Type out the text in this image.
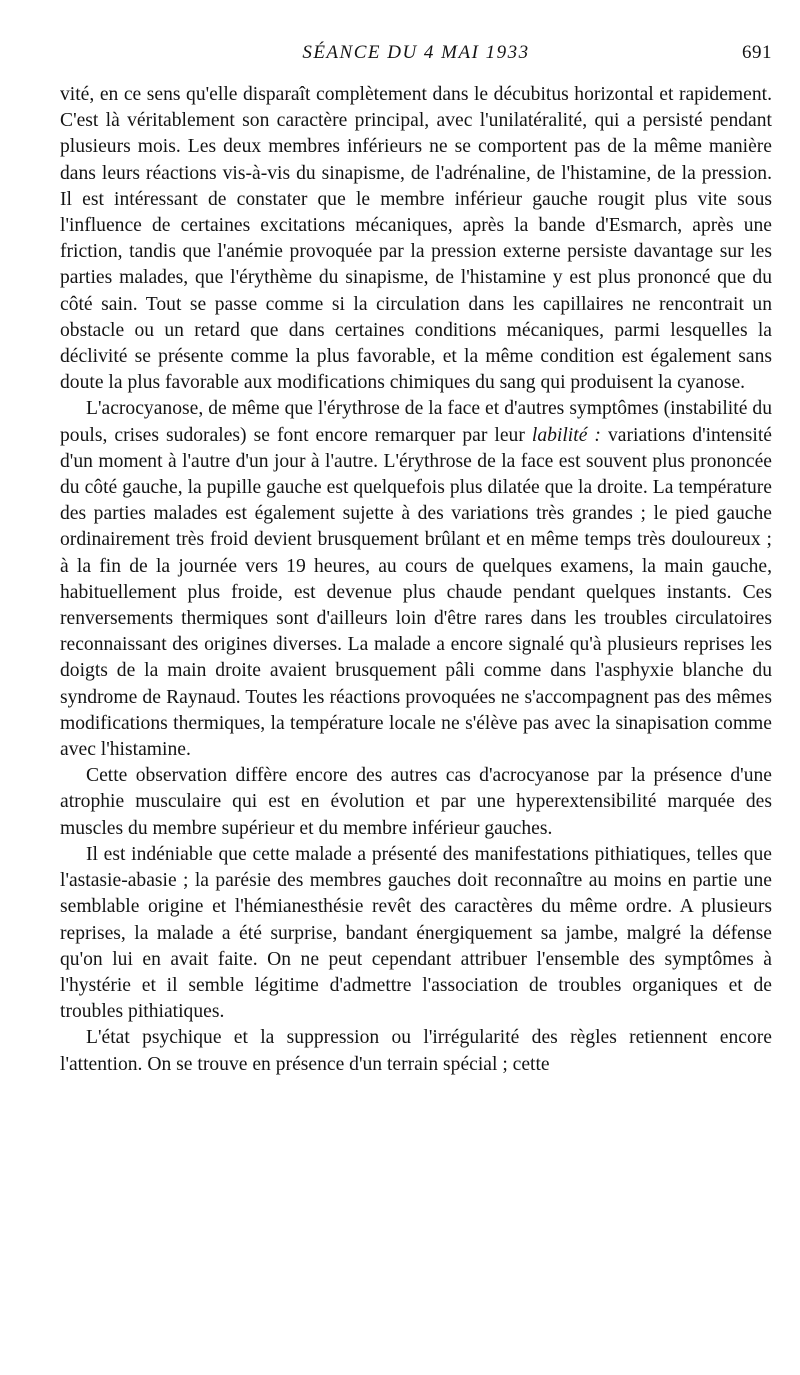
SÉANCE DU 4 MAI 1933	691

vité, en ce sens qu'elle disparaît complètement dans le décubitus horizontal et rapidement. C'est là véritablement son caractère principal, avec l'unilatéralité, qui a persisté pendant plusieurs mois. Les deux membres inférieurs ne se comportent pas de la même manière dans leurs réactions vis-à-vis du sinapisme, de l'adrénaline, de l'histamine, de la pression. Il est intéressant de constater que le membre inférieur gauche rougit plus vite sous l'influence de certaines excitations mécaniques, après la bande d'Esmarch, après une friction, tandis que l'anémie provoquée par la pression externe persiste davantage sur les parties malades, que l'érythème du sinapisme, de l'histamine y est plus prononcé que du côté sain. Tout se passe comme si la circulation dans les capillaires ne rencontrait un obstacle ou un retard que dans certaines conditions mécaniques, parmi lesquelles la déclivité se présente comme la plus favorable, et la même condition est également sans doute la plus favorable aux modifications chimiques du sang qui produisent la cyanose.

L'acrocyanose, de même que l'érythrose de la face et d'autres symptômes (instabilité du pouls, crises sudorales) se font encore remarquer par leur labilité : variations d'intensité d'un moment à l'autre d'un jour à l'autre. L'érythrose de la face est souvent plus prononcée du côté gauche, la pupille gauche est quelquefois plus dilatée que la droite. La température des parties malades est également sujette à des variations très grandes ; le pied gauche ordinairement très froid devient brusquement brûlant et en même temps très douloureux ; à la fin de la journée vers 19 heures, au cours de quelques examens, la main gauche, habituellement plus froide, est devenue plus chaude pendant quelques instants. Ces renversements thermiques sont d'ailleurs loin d'être rares dans les troubles circulatoires reconnaissant des origines diverses. La malade a encore signalé qu'à plusieurs reprises les doigts de la main droite avaient brusquement pâli comme dans l'asphyxie blanche du syndrome de Raynaud. Toutes les réactions provoquées ne s'accompagnent pas des mêmes modifications thermiques, la température locale ne s'élève pas avec la sinapisation comme avec l'histamine.

Cette observation diffère encore des autres cas d'acrocyanose par la présence d'une atrophie musculaire qui est en évolution et par une hyperextensibilité marquée des muscles du membre supérieur et du membre inférieur gauches.

Il est indéniable que cette malade a présenté des manifestations pithiatiques, telles que l'astasie-abasie ; la parésie des membres gauches doit reconnaître au moins en partie une semblable origine et l'hémianesthésie revêt des caractères du même ordre. A plusieurs reprises, la malade a été surprise, bandant énergiquement sa jambe, malgré la défense qu'on lui en avait faite. On ne peut cependant attribuer l'ensemble des symptômes à l'hystérie et il semble légitime d'admettre l'association de troubles organiques et de troubles pithiatiques.

L'état psychique et la suppression ou l'irrégularité des règles retiennent encore l'attention. On se trouve en présence d'un terrain spécial ; cette
